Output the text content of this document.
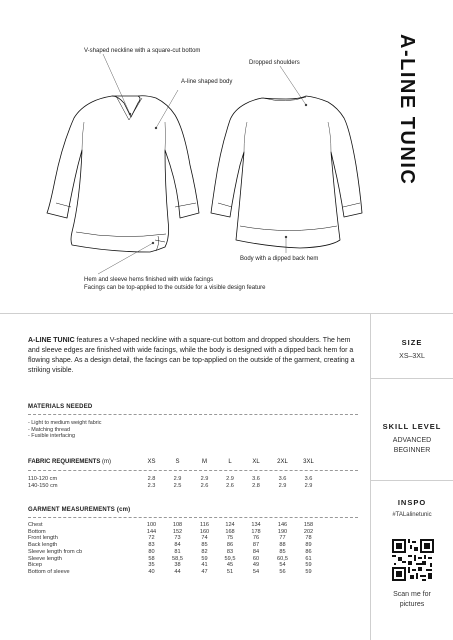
V-shaped neckline with a square-cut bottom
A-line shaped body
Dropped shoulders
Body with a dipped back hem
Hem and sleeve hems finished with wide facings
Facings can be top-applied to the outside for a visible design feature
A-LINE TUNIC
A-LINE TUNIC features a V-shaped neckline with a square-cut bottom and dropped shoulders. The hem and sleeve edges are finished with wide facings, while the body is designed with a dipped back hem for a flowing shape. As a design detail, the facings can be top-applied on the outside of the garment, creating a striking visible.
MATERIALS NEEDED
- Light to medium weight fabric
- Matching thread
- Fusible interfacing
FABRIC REQUIREMENTS (m)	XS	S	M	L	XL	2XL	3XL
110-120 cm	2.8	2.9	2.9	2.9	3.6	3.6	3.6
140-150 cm	2.3	2.5	2.6	2.6	2.8	2.9	2.9
GARMENT MEASUREMENTS (cm)
Chest	100	108	116	124	134	146	158
Bottom	144	152	160	168	178	190	202
Front length	72	73	74	75	76	77	78
Back length	83	84	85	86	87	88	89
Sleeve length from cb	80	81	82	83	84	85	86
Sleeve length	58	58,5	59	59,5	60	60,5	61
Bicep	35	38	41	45	49	54	59
Bottom of sleeve	40	44	47	51	54	56	59
SIZE
XS–3XL
SKILL LEVEL
ADVANCED
BEGINNER
INSPO
#TALalinetunic
Scan me for
pictures
